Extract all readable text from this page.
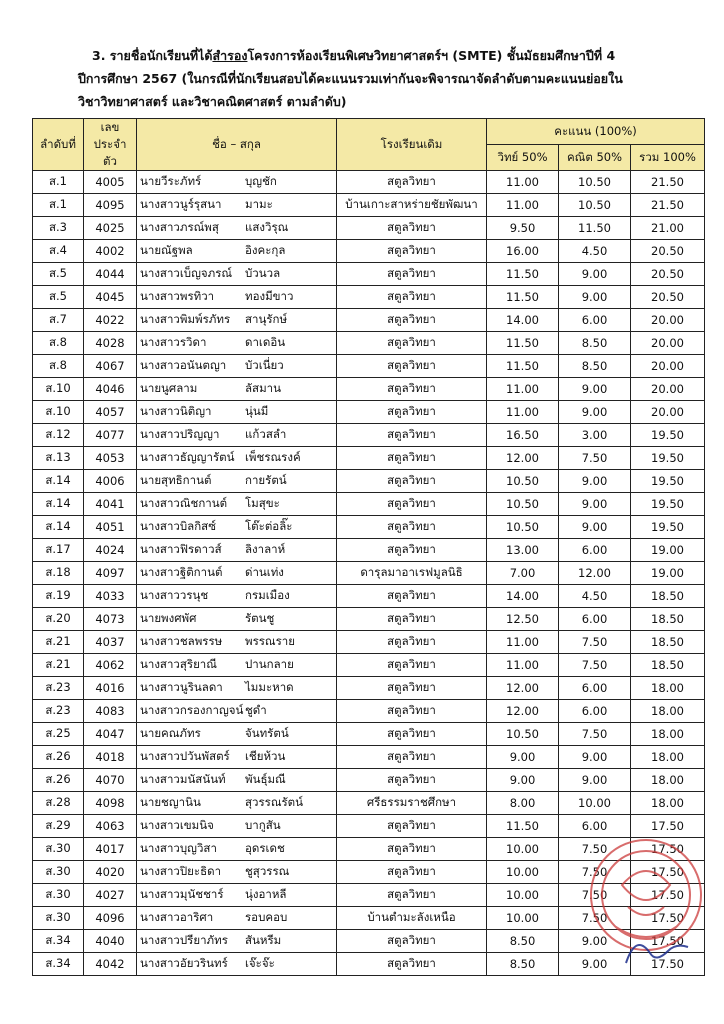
3. รายชื่อนักเรียนที่ได้สำรองโครงการห้องเรียนพิเศษวิทยาศาสตร์ฯ (SMTE) ชั้นมัธยมศึกษาปีที่ 4
ปีการศึกษา 2567 (ในกรณีที่นักเรียนสอบได้คะแนนรวมเท่ากันจะพิจารณาจัดลำดับตามคะแนนย่อยใน
วิชาวิทยาศาสตร์ และวิชาคณิตศาสตร์ ตามลำดับ)
ลำดับที่	เลขประจำตัว	ชื่อ – สกุล	โรงเรียนเดิม	คะแนน (100%)		
				วิทย์ 50%	คณิต 50%	รวม 100%
ส.1	4005	นายวีระภัทร์ บุญชัก	สตูลวิทยา	11.00	10.50	21.50
ส.1	4095	นางสาวนูร์รุสนา มามะ	บ้านเกาะสาหร่ายชัยพัฒนา	11.00	10.50	21.50
ส.3	4025	นางสาวภรณ์พสุ แสงวิรุณ	สตูลวิทยา	9.50	11.50	21.00
ส.4	4002	นายณัฐพล อิงคะกุล	สตูลวิทยา	16.00	4.50	20.50
ส.5	4044	นางสาวเบ็ญจภรณ์ บัวนวล	สตูลวิทยา	11.50	9.00	20.50
ส.5	4045	นางสาวพรทิวา ทองมีขาว	สตูลวิทยา	11.50	9.00	20.50
ส.7	4022	นางสาวพิมพ์รภัทร สานุรักษ์	สตูลวิทยา	14.00	6.00	20.00
ส.8	4028	นางสาวรวิดา ดาเดอิน	สตูลวิทยา	11.50	8.50	20.00
ส.8	4067	นางสาวอนันตญา บัวเนี่ยว	สตูลวิทยา	11.50	8.50	20.00
ส.10	4046	นายนูศลาม ลัสมาน	สตูลวิทยา	11.00	9.00	20.00
ส.10	4057	นางสาวนิติญา นุ่นมี	สตูลวิทยา	11.00	9.00	20.00
ส.12	4077	นางสาวปริญญา แก้วสลำ	สตูลวิทยา	16.50	3.00	19.50
ส.13	4053	นางสาวธัญญารัตน์ เพ็ชรณรงค์	สตูลวิทยา	12.00	7.50	19.50
ส.14	4006	นายสุทธิกานต์ กายรัตน์	สตูลวิทยา	10.50	9.00	19.50
ส.14	4041	นางสาวณิชกานต์ โมสุขะ	สตูลวิทยา	10.50	9.00	19.50
ส.14	4051	นางสาวบิลกิสซ์ โต๊ะต่อลิ๊ะ	สตูลวิทยา	10.50	9.00	19.50
ส.17	4024	นางสาวฟิรดาวส์ ลิงาลาห์	สตูลวิทยา	13.00	6.00	19.00
ส.18	4097	นางสาวฐิติกานต์ ด่านเท่ง	ดารุลมาอาเรฟมูลนิธิ	7.00	12.00	19.00
ส.19	4033	นางสาววรนุช กรมเมือง	สตูลวิทยา	14.00	4.50	18.50
ส.20	4073	นายพงศพัศ รัตนชู	สตูลวิทยา	12.50	6.00	18.50
ส.21	4037	นางสาวชลพรรษ พรรณราย	สตูลวิทยา	11.00	7.50	18.50
ส.21	4062	นางสาวสุริยาณี ปานกลาย	สตูลวิทยา	11.00	7.50	18.50
ส.23	4016	นางสาวนูรินลดา ไมมะหาด	สตูลวิทยา	12.00	6.00	18.00
ส.23	4083	นางสาวกรองกาญจน์ ชูดำ	สตูลวิทยา	12.00	6.00	18.00
ส.25	4047	นายคณภัทร จันทรัตน์	สตูลวิทยา	10.50	7.50	18.00
ส.26	4018	นางสาวปวันพัสตร์ เชียห้วน	สตูลวิทยา	9.00	9.00	18.00
ส.26	4070	นางสาวมนัสนันท์ พันธุ์มณี	สตูลวิทยา	9.00	9.00	18.00
ส.28	4098	นายชญานิน สุวรรณรัตน์	ศรีธรรมราชศึกษา	8.00	10.00	18.00
ส.29	4063	นางสาวเขมนิจ บากูสัน	สตูลวิทยา	11.50	6.00	17.50
ส.30	4017	นางสาวบุญวิสา อุดรเดช	สตูลวิทยา	10.00	7.50	17.50
ส.30	4020	นางสาวปิยะธิดา ชูสุวรรณ	สตูลวิทยา	10.00	7.50	17.50
ส.30	4027	นางสาวมุนัชชาร์ นุ่งอาหลี	สตูลวิทยา	10.00	7.50	17.50
ส.30	4096	นางสาวอาริศา รอบคอบ	บ้านตำมะลังเหนือ	10.00	7.50	17.50
ส.34	4040	นางสาวปรียาภัทร สันหรีม	สตูลวิทยา	8.50	9.00	17.50
ส.34	4042	นางสาวอัยวรินทร์ เจ๊ะจ๊ะ	สตูลวิทยา	8.50	9.00	17.50
